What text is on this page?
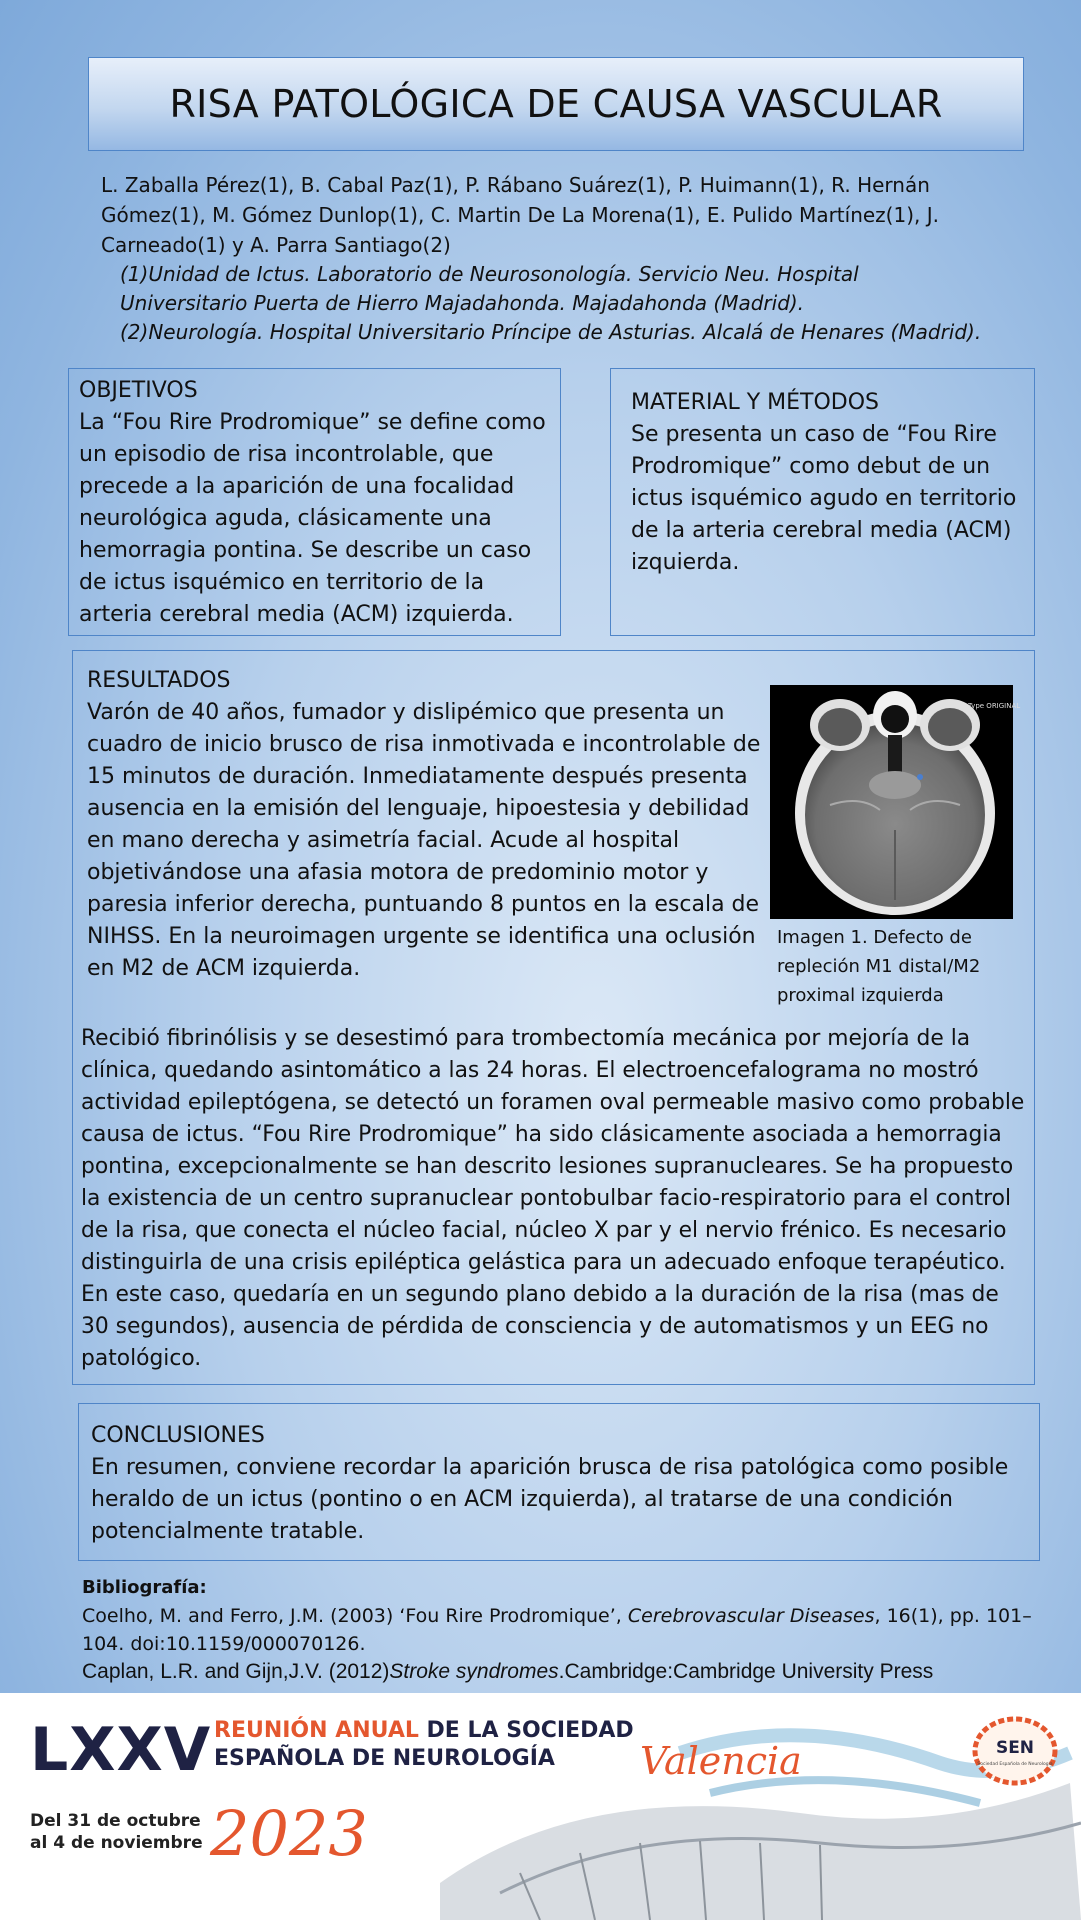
RISA PATOLÓGICA DE CAUSA VASCULAR
L. Zaballa Pérez(1), B. Cabal Paz(1), P. Rábano Suárez(1), P. Huimann(1), R. Hernán Gómez(1), M. Gómez Dunlop(1), C. Martin De La Morena(1), E. Pulido Martínez(1), J. Carneado(1) y A. Parra Santiago(2)
(1)Unidad de Ictus. Laboratorio de Neurosonología. Servicio Neu. Hospital
Universitario Puerta de Hierro Majadahonda. Majadahonda (Madrid).
(2)Neurología. Hospital Universitario Príncipe de Asturias. Alcalá de Henares (Madrid).
OBJETIVOS
La “Fou Rire Prodromique” se define como un episodio de risa incontrolable, que precede a la aparición de una focalidad neurológica aguda, clásicamente una hemorragia pontina. Se describe un caso de ictus isquémico en territorio de la arteria cerebral media (ACM) izquierda.
MATERIAL Y MÉTODOS
Se presenta un caso de “Fou Rire Prodromique” como debut de un ictus isquémico agudo en territorio de la arteria cerebral media (ACM) izquierda.
RESULTADOS
Varón de 40 años, fumador y dislipémico que presenta un cuadro de inicio brusco de risa inmotivada e incontrolable de 15 minutos de duración. Inmediatamente después presenta ausencia en la emisión del lenguaje, hipoestesia y debilidad en mano derecha y asimetría facial. Acude al hospital objetivándose una afasia motora de predominio motor y paresia inferior derecha, puntuando 8 puntos en la escala de NIHSS. En la neuroimagen urgente se identifica una oclusión en M2 de ACM izquierda.
Type ORIGINAL
Imagen 1. Defecto de repleción M1 distal/M2 proximal izquierda
Recibió fibrinólisis y se desestimó para trombectomía mecánica por mejoría de la clínica, quedando asintomático a las 24 horas. El electroencefalograma no mostró actividad epileptógena, se detectó un foramen oval permeable masivo como probable causa de ictus. “Fou Rire Prodromique” ha sido clásicamente asociada a hemorragia pontina, excepcionalmente se han descrito lesiones supranucleares. Se ha propuesto la existencia de un centro supranuclear pontobulbar facio-respiratorio para el control de la risa, que conecta el núcleo facial, núcleo X par y el nervio frénico. Es necesario distinguirla de una crisis epiléptica gelástica para un adecuado enfoque terapéutico. En este caso, quedaría en un segundo plano debido a la duración de la risa (mas de 30 segundos), ausencia de pérdida de consciencia y de automatismos y un EEG no patológico.
CONCLUSIONES
En resumen, conviene recordar la aparición brusca de risa patológica como posible heraldo de un ictus (pontino o en ACM izquierda), al tratarse de una condición potencialmente tratable.
Bibliografía:
Coelho, M. and Ferro, J.M. (2003) ‘Fou Rire Prodromique’, Cerebrovascular Diseases, 16(1), pp. 101–104. doi:10.1159/000070126.
Caplan, L.R. and Gijn,J.V. (2012)Stroke syndromes.Cambridge:Cambridge University Press
LXXV REUNIÓN ANUAL DE LA SOCIEDAD
ESPAÑOLA DE NEUROLOGÍA
Del 31 de octubre
al 4 de noviembre 2023
Valencia	SEN
Sociedad Española de Neurología
